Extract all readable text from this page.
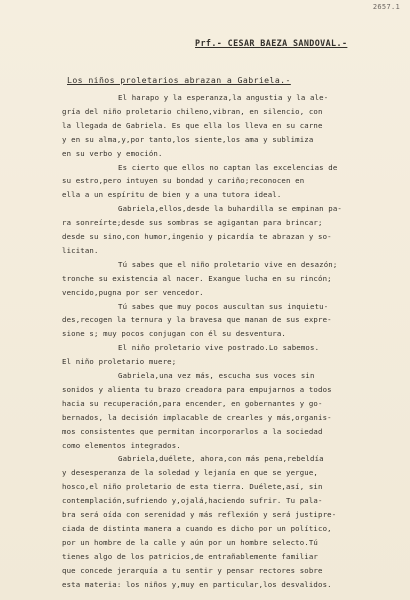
2657.1
Prf.- CESAR BAEZA SANDOVAL.-
Los niños proletarios abrazan a Gabriela.-
El harapo y la esperanza,la angustia y la ale-
gría del niño proletario chileno,vibran, en silencio, con
la llegada de Gabriela. Es que ella los lleva en su carne
y en su alma,y,por tanto,los siente,los ama y sublimiza
en su verbo y emoción.
Es cierto que ellos no captan las excelencias de
su estro,pero intuyen su bondad y cariño;reconocen en
ella a un espíritu de bien y a una tutora ideal.
Gabriela,ellos,desde la buhardilla se empinan pa-
ra sonreírte;desde sus sombras se agigantan para brincar;
desde su sino,con humor,ingenio y picardía te abrazan y so-
licitan.
Tú sabes que el niño proletario vive en desazón;
tronche su existencia al nacer. Exangue lucha en su rincón;
vencido,pugna por ser vencedor.
Tú sabes que muy pocos auscultan sus inquietu-
des,recogen la ternura y la bravesa que manan de sus expre-
sione s; muy pocos conjugan con él su desventura.
El niño proletario vive postrado.Lo sabemos.
El niño proletario muere;
Gabriela,una vez más, escucha sus voces sin
sonidos y alienta tu brazo creadora para empujarnos a todos
hacia su recuperación,para encender, en gobernantes y go-
bernados, la decisión implacable de crearles y más,organis-
mos consistentes que permitan incorporarlos a la sociedad
como elementos integrados.
Gabriela,duélete, ahora,con más pena,rebeldía
y desesperanza de la soledad y lejanía en que se yergue,
hosco,el niño proletario de esta tierra. Duélete,así, sin
contemplación,sufriendo y,ojalá,haciendo sufrir. Tu pala-
bra será oída con serenidad y más reflexión y será justipre-
ciada de distinta manera a cuando es dicho por un político,
por un hombre de la calle y aún por un hombre selecto.Tú
tienes algo de los patricios,de entrañablemente familiar
que concede jerarquía a tu sentir y pensar rectores sobre
esta materia: los niños y,muy en particular,los desvalidos.
